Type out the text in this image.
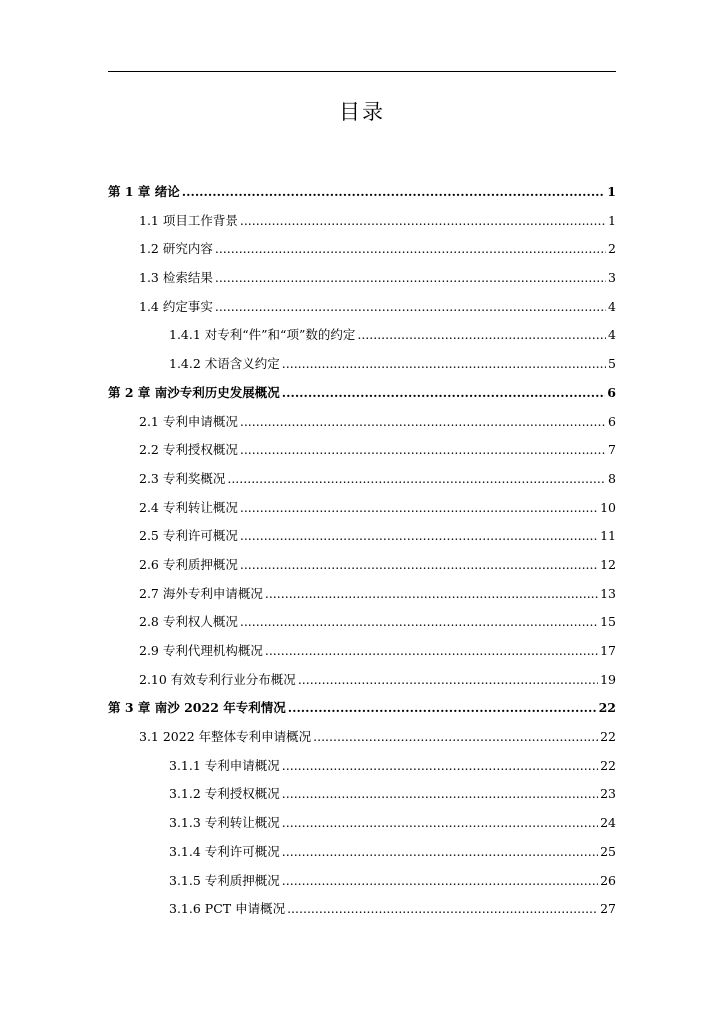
目录
第 1 章 绪论 .....	1
1.1 项目工作背景 .....	1
1.2 研究内容 .....	2
1.3 检索结果 .....	3
1.4 约定事实 .....	4
1.4.1 对专利“件”和“项”数的约定 .....	4
1.4.2 术语含义约定 .....	5
第 2 章 南沙专利历史发展概况 .....	6
2.1 专利申请概况 .....	6
2.2 专利授权概况 .....	7
2.3 专利奖概况 .....	8
2.4 专利转让概况 .....	10
2.5 专利许可概况 .....	11
2.6 专利质押概况 .....	12
2.7 海外专利申请概况 .....	13
2.8 专利权人概况 .....	15
2.9 专利代理机构概况 .....	17
2.10 有效专利行业分布概况 .....	19
第 3 章 南沙 2022 年专利情况 .....	22
3.1 2022 年整体专利申请概况 .....	22
3.1.1 专利申请概况 .....	22
3.1.2 专利授权概况 .....	23
3.1.3 专利转让概况 .....	24
3.1.4 专利许可概况 .....	25
3.1.5 专利质押概况 .....	26
3.1.6 PCT 申请概况 .....	27
